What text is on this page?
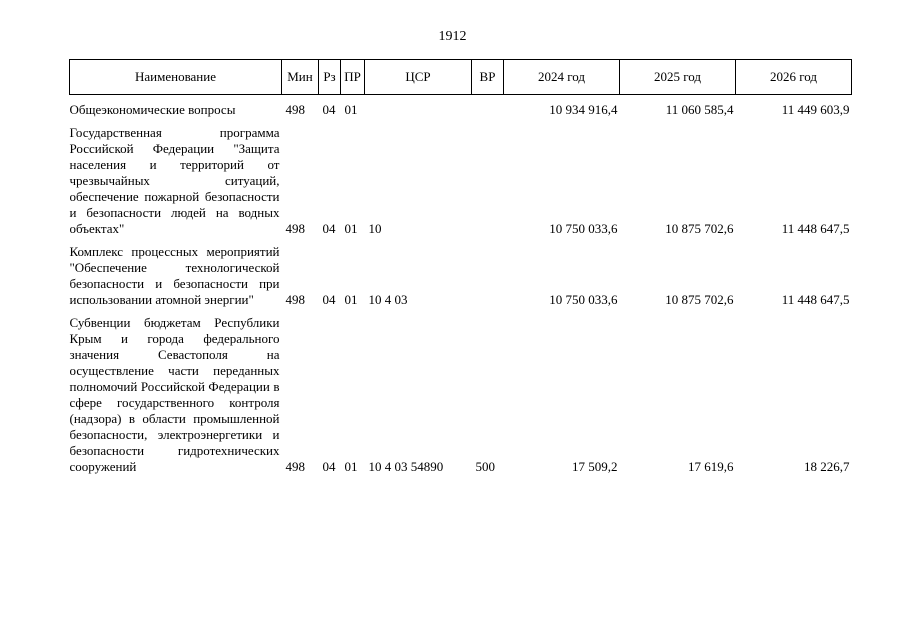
1912
Наименование	Мин	Рз	ПР	ЦСР	ВР	2024 год	2025 год	2026 год
Общеэкономические вопросы	498	04	01			10 934 916,4	11 060 585,4	11 449 603,9
Государственная программа Российской Федерации "Защита населения и территорий от чрезвычайных ситуаций, обеспечение пожарной безопасности и безопасности людей на водных объектах"	498	04	01	10		10 750 033,6	10 875 702,6	11 448 647,5
Комплекс процессных мероприятий "Обеспечение технологической безопасности и безопасности при использовании атомной энергии"	498	04	01	10 4 03		10 750 033,6	10 875 702,6	11 448 647,5
Субвенции бюджетам Республики Крым и города федерального значения Севастополя на осуществление части переданных полномочий Российской Федерации в сфере государственного контроля (надзора) в области промышленной безопасности, электроэнергетики и безопасности гидротехнических сооружений	498	04	01	10 4 03 54890	500	17 509,2	17 619,6	18 226,7
